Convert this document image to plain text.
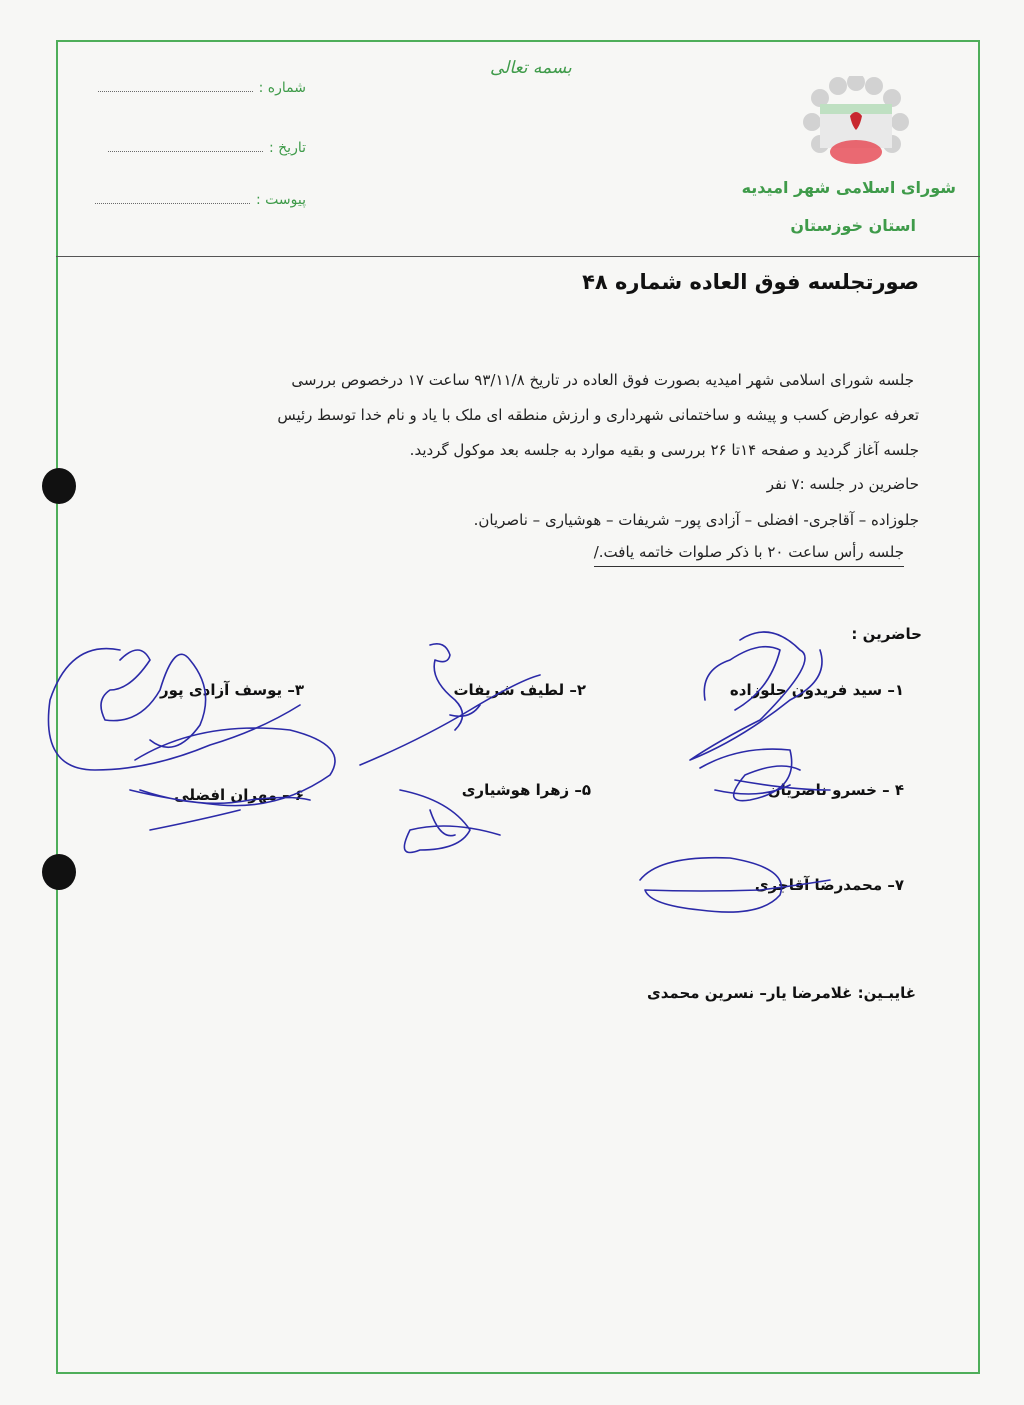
بسمه تعالی
شماره :
تاریخ :
پیوست :
شورای اسلامی شهر امیدیه
استان خوزستان
صورتجلسه فوق العاده شماره ۴۸
جلسه شورای اسلامی شهر امیدیه بصورت فوق العاده در تاریخ ۹۳/۱۱/۸ ساعت ۱۷ درخصوص بررسی
تعرفه عوارض کسب و پیشه و ساختمانی شهرداری و ارزش منطقه ای ملک با یاد و نام خدا توسط رئیس
جلسه آغاز گردید و صفحه ۱۴تا ۲۶ بررسی و بقیه موارد به جلسه بعد موکول گردید.
حاضرین در جلسه :۷ نفر
جلوزاده – آقاجری- افضلی – آزادی پور– شریفات – هوشیاری – ناصریان.
جلسه رأس ساعت ۲۰ با ذکر صلوات خاتمه یافت./
حاضرین :
۱– سید فریدون جلوزاده
۲– لطیف شریفات
۳– یوسف آزادی پور
۴ – خسرو ناصریان
۵– زهرا هوشیاری
۶ – مهران افضلی
۷– محمدرضا آقاجری
غایبـین: غلامرضا یار– نسرین محمدی
